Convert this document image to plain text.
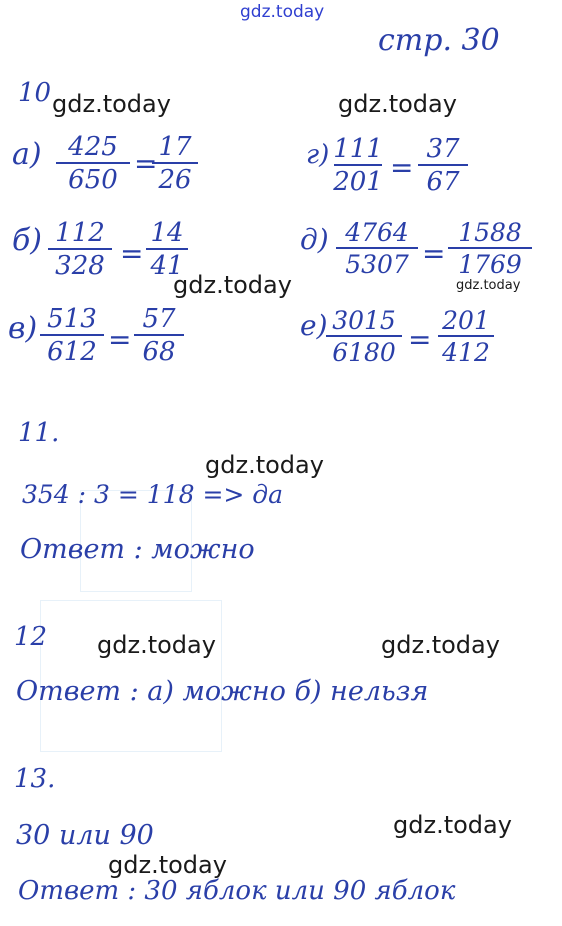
gdz.today
gdz.today	gdz.today
gdz.today	gdz.today
gdz.today
gdz.today	gdz.today
gdz.today
gdz.today
стр. 30
10
а) 425
650 = 17
26
г) 111
201 =
37
67
б) 112
328 =
14
41
д) 4764
5307 =
1588
1769
в) 513
612 =
57
68
е) 3015
6180 =
201
412
11.
354 : 3 = 118 => да
Ответ : можно
12
Ответ : а) можно б) нельзя
13.
30 или 90
Ответ : 30 яблок или 90 яблок
